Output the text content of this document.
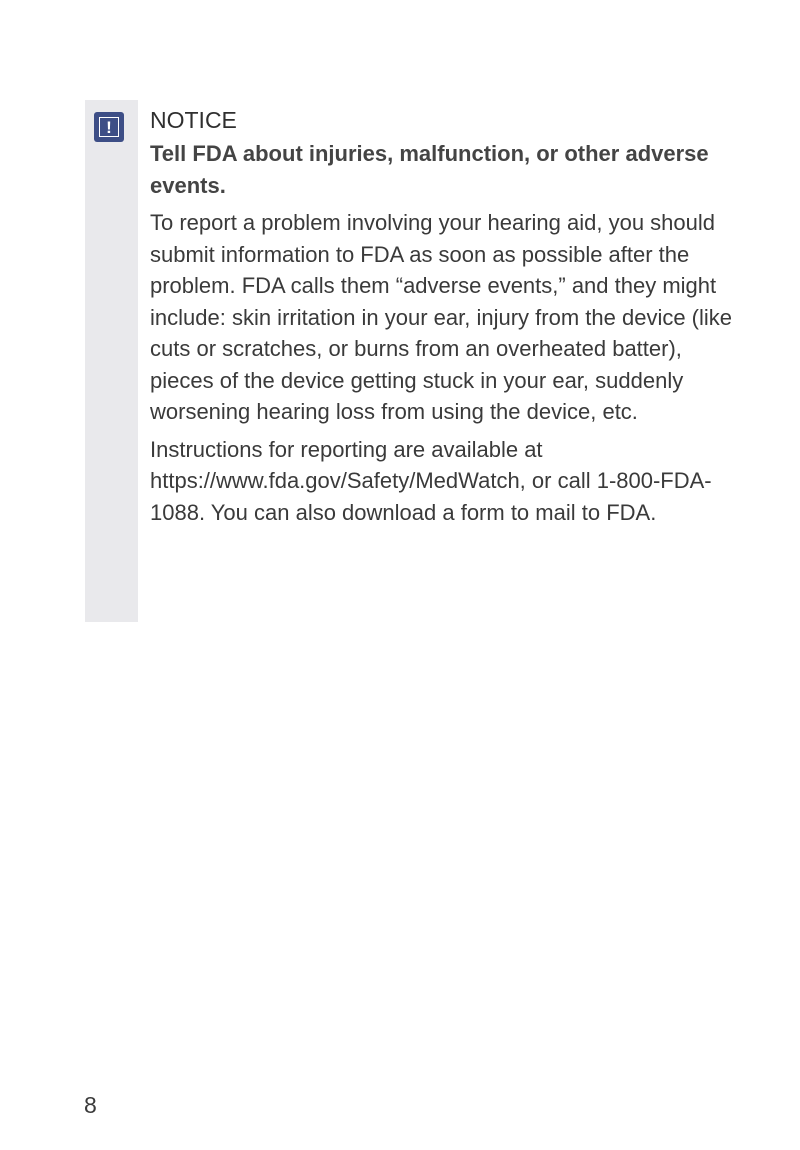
!	NOTICE

Tell FDA about injuries, malfunction, or other adverse events.

To report a problem involving your hearing aid, you should submit information to FDA as soon as possible after the problem. FDA calls them “adverse events,” and they might include: skin irritation in your ear, injury from the device (like cuts or scratches, or burns from an overheated batter), pieces of the device getting stuck in your ear, suddenly worsening hearing loss from using the device, etc.

Instructions for reporting are available at https://www.fda.gov/Safety/MedWatch, or call 1-800-FDA-1088. You can also download a form to mail to FDA.

8
